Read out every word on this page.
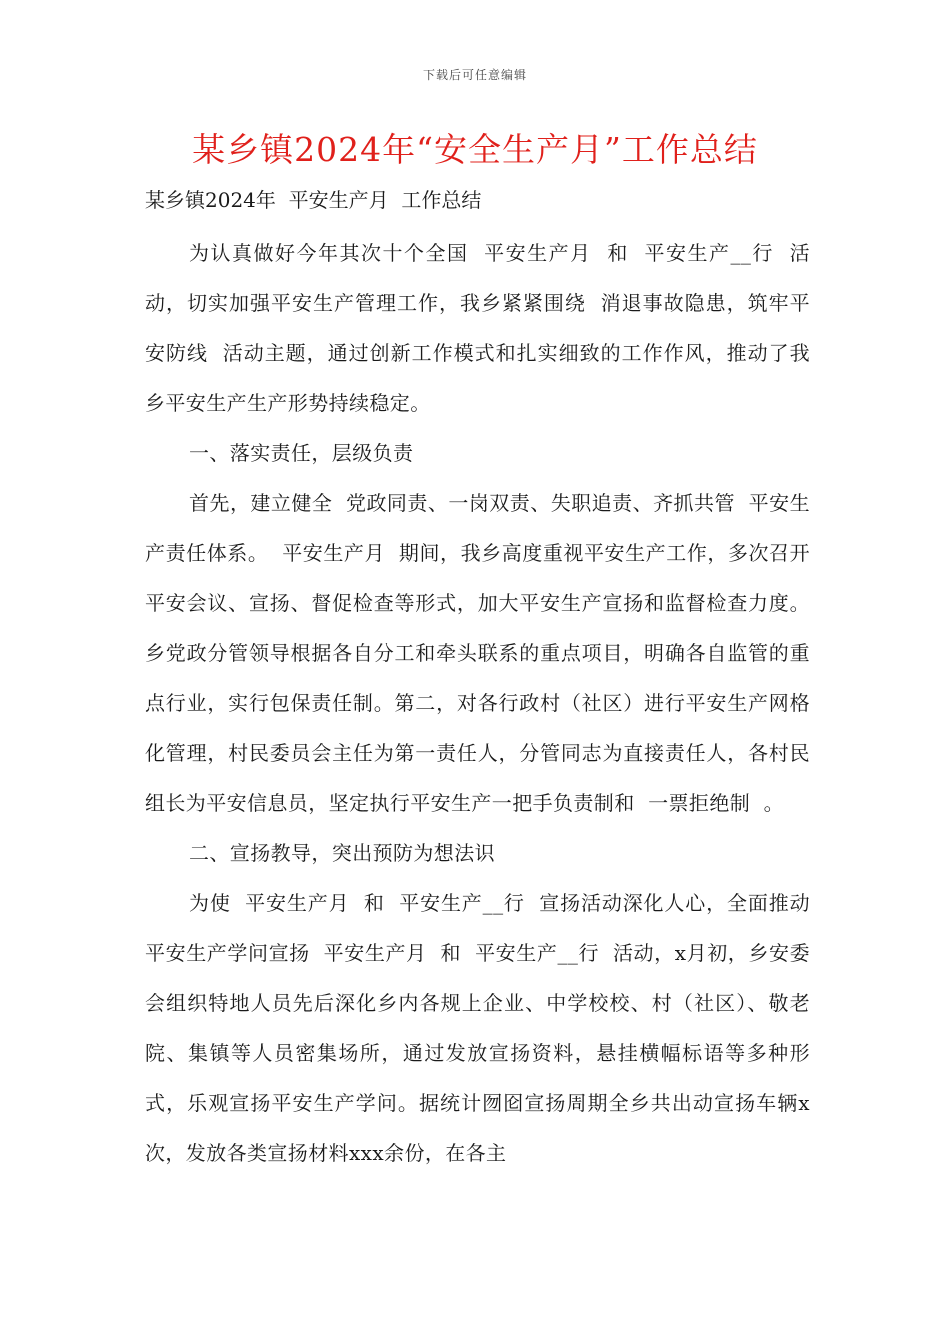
下载后可任意编辑
某乡镇2024年“安全生产月”工作总结
某乡镇2024年  平安生产月  工作总结

为认真做好今年其次十个全国  平安生产月  和  平安生产__行  活动，切实加强平安生产管理工作，我乡紧紧围绕  消退事故隐患，筑牢平安防线  活动主题，通过创新工作模式和扎实细致的工作作风，推动了我乡平安生产生产形势持续稳定。

一、落实责任，层级负责

首先，建立健全  党政同责、一岗双责、失职追责、齐抓共管  平安生产责任体系。  平安生产月  期间，我乡高度重视平安生产工作，多次召开平安会议、宣扬、督促检查等形式，加大平安生产宣扬和监督检查力度。乡党政分管领导根据各自分工和牵头联系的重点项目，明确各自监管的重点行业，实行包保责任制。第二，对各行政村（社区）进行平安生产网格化管理，村民委员会主任为第一责任人，分管同志为直接责任人，各村民组长为平安信息员，坚定执行平安生产一把手负责制和  一票拒绝制  。

二、宣扬教导，突出预防为想法识

为使  平安生产月  和  平安生产__行  宣扬活动深化人心，全面推动平安生产学问宣扬  平安生产月  和  平安生产__行  活动，x月初，乡安委会组织特地人员先后深化乡内各规上企业、中学校校、村（社区）、敬老院、集镇等人员密集场所，通过发放宣扬资料，悬挂横幅标语等多种形式，乐观宣扬平安生产学问。据统计囫囵宣扬周期全乡共出动宣扬车辆x次，发放各类宣扬材料xxx余份，在各主
